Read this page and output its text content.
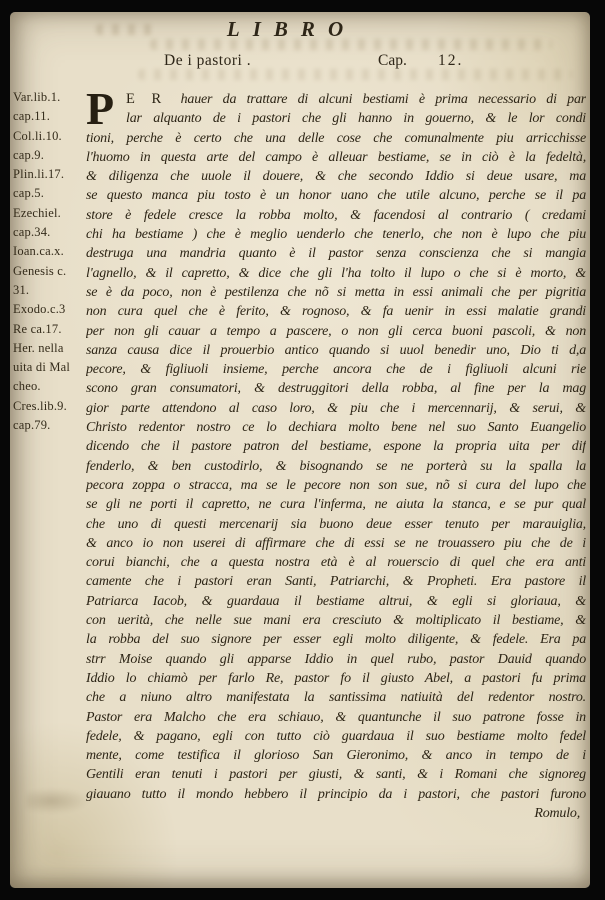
LIBRO
De i pastori .	Cap. 12.
Var.lib.1.
cap.11.
Col.li.10.
cap.9.
Plin.li.17.
cap.5.
Ezechiel.
cap.34.
Ioan.ca.x.
Genesis c.
31.
Exodo.c.3
Re ca.17.
Her. nella
uita di Mal
cheo.
Cres.lib.9.
cap.79.
P E R hauer da trattare di alcuni bestiami è prima necessario di par
lar alquanto de i pastori che gli hanno in gouerno, & le lor condi
tioni, perche è certo che una delle cose che comunalmente piu arricchisse
l'huomo in questa arte del campo è alleuar bestiame, se in ciò è la fedeltà,
& diligenza che uuole il douere, & che secondo Iddio si deue usare, ma
se questo manca piu tosto è un honor uano che utile alcuno, perche se il pa
store è fedele cresce la robba molto, & facendosi al contrario ( credami
chi ha bestiame ) che è meglio uenderlo che tenerlo, che non è lupo che piu
destruga una mandria quanto è il pastor senza conscienza che si mangia
l'agnello, & il capretto, & dice che gli l'ha tolto il lupo o che si è morto, &
se è da poco, non è pestilenza che nõ si metta in essi animali che per pigritia
non cura quel che è ferito, & rognoso, & fa uenir in essi malatie grandi
per non gli cauar a tempo a pascere, o non gli cerca buoni pascoli, & non
sanza causa dice il prouerbio antico quando si uuol benedir uno, Dio ti d,a
pecore, & figliuoli insieme, perche ancora che de i figliuoli alcuni rie
scono gran consumatori, & destruggitori della robba, al fine per la mag
gior parte attendono al caso loro, & piu che i mercennarij, & serui, &
Christo redentor nostro ce lo dechiara molto bene nel suo Santo Euangelio
dicendo che il pastore patron del bestiame, espone la propria uita per dif
fenderlo, & ben custodirlo, & bisognando se ne porterà su la spalla la
pecora zoppa o stracca, ma se le pecore non son sue, nõ si cura del lupo che
se gli ne porti il capretto, ne cura l'inferma, ne aiuta la stanca, e se pur qual
che uno di questi mercenarij sia buono deue esser tenuto per marauiglia,
& anco io non userei di affirmare che di essi se ne trouassero piu che de i
corui bianchi, che a questa nostra età è al rouerscio di quel che era anti
camente che i pastori eran Santi, Patriarchi, & Propheti. Era pastore il
Patriarca Iacob, & guardaua il bestiame altrui, & egli si gloriaua, &
con uerità, che nelle sue mani era cresciuto & moltiplicato il bestiame, &
la robba del suo signore per esser egli molto diligente, & fedele. Era pa
strr Moise quando gli apparse Iddio in quel rubo, pastor Dauid quando
Iddio lo chiamò per farlo Re, pastor fo il giusto Abel, a pastori fu prima
che a niuno altro manifestata la santissima natiuità del redentor nostro.
Pastor era Malcho che era schiauo, & quantunche il suo patrone fosse in
fedele, & pagano, egli con tutto ciò guardaua il suo bestiame molto fedel
mente, come testifica il glorioso San Gieronimo, & anco in tempo de i
Gentili eran tenuti i pastori per giusti, & santi, & i Romani che signoreg
giauano tutto il mondo hebbero il principio da i pastori, che pastori furono
Romulo,
